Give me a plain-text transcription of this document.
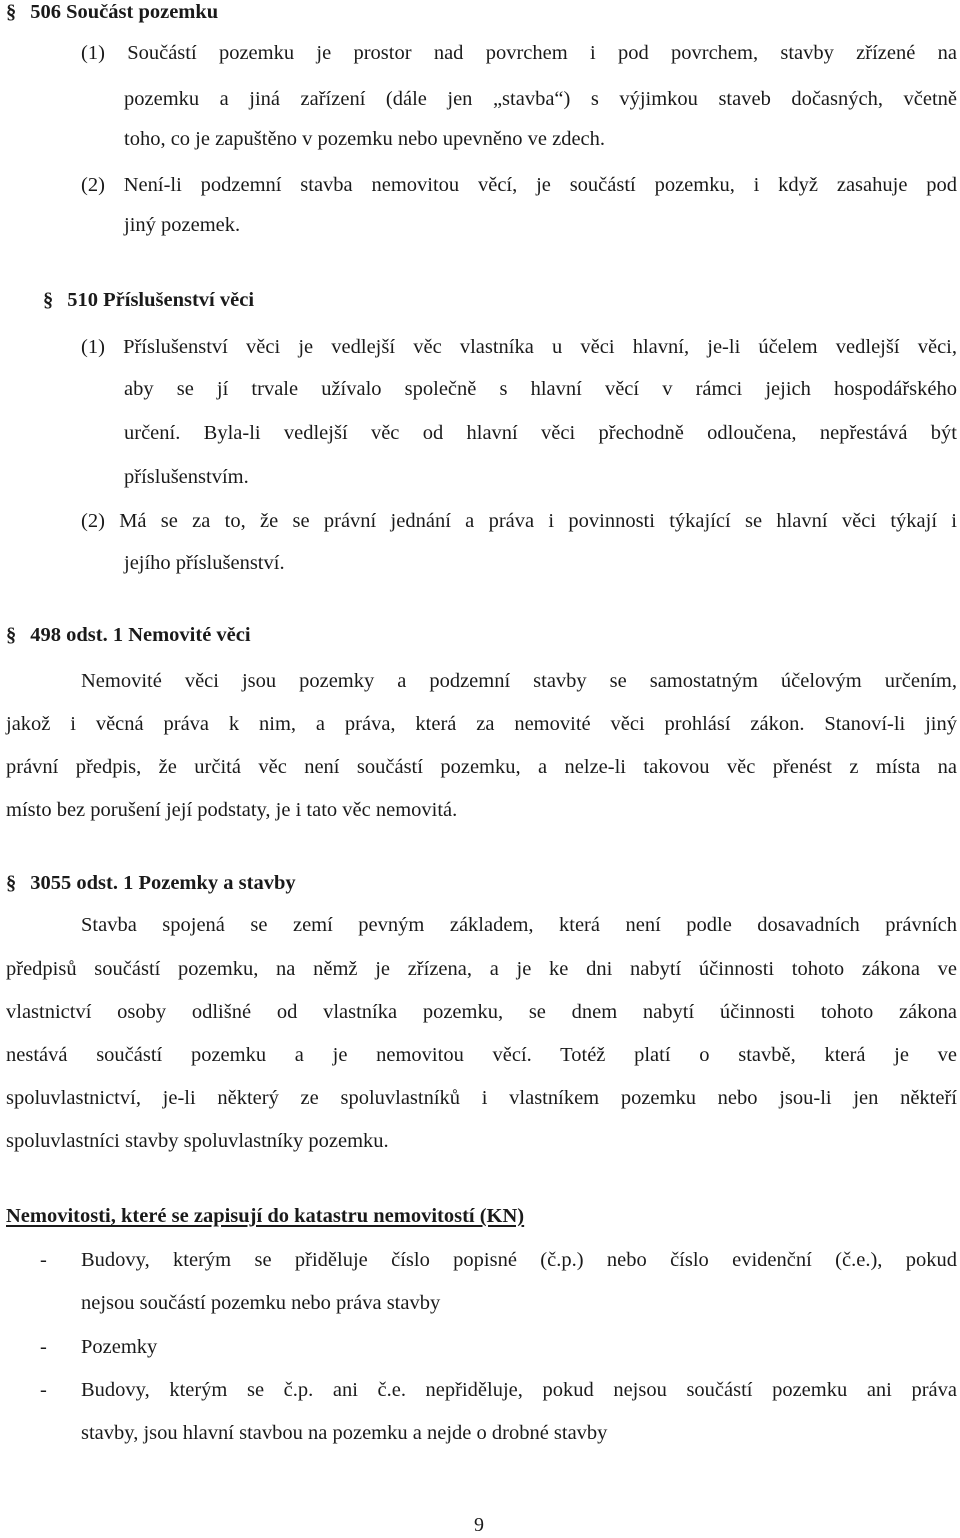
§ 506 Součást pozemku
(1) Součástí pozemku je prostor nad povrchem i pod povrchem, stavby zřízené na
pozemku a jiná zařízení (dále jen „stavba“) s výjimkou staveb dočasných, včetně
toho, co je zapuštěno v pozemku nebo upevněno ve zdech.
(2) Není-li podzemní stavba nemovitou věcí, je součástí pozemku, i když zasahuje pod
jiný pozemek.
§ 510 Příslušenství věci
(1) Příslušenství věci je vedlejší věc vlastníka u věci hlavní, je-li účelem vedlejší věci,
aby se jí trvale užívalo společně s hlavní věcí v rámci jejich hospodářského
určení. Byla-li vedlejší věc od hlavní věci přechodně odloučena, nepřestává být
příslušenstvím.
(2) Má se za to, že se právní jednání a práva i povinnosti týkající se hlavní věci týkají i
jejího příslušenství.
§ 498 odst. 1 Nemovité věci
Nemovité věci jsou pozemky a podzemní stavby se samostatným účelovým určením,
jakož i věcná práva k nim, a práva, která za nemovité věci prohlásí zákon. Stanoví-li jiný
právní předpis, že určitá věc není součástí pozemku, a nelze-li takovou věc přenést z místa na
místo bez porušení její podstaty, je i tato věc nemovitá.
§ 3055 odst. 1 Pozemky a stavby
Stavba spojená se zemí pevným základem, která není podle dosavadních právních
předpisů součástí pozemku, na němž je zřízena, a je ke dni nabytí účinnosti tohoto zákona ve
vlastnictví osoby odlišné od vlastníka pozemku, se dnem nabytí účinnosti tohoto zákona
nestává součástí pozemku a je nemovitou věcí. Totéž platí o stavbě, která je ve
spoluvlastnictví, je-li některý ze spoluvlastníků i vlastníkem pozemku nebo jsou-li jen někteří
spoluvlastníci stavby spoluvlastníky pozemku.
Nemovitosti, které se zapisují do katastru nemovitostí (KN)
- Budovy, kterým se přiděluje číslo popisné (č.p.) nebo číslo evidenční (č.e.), pokud
nejsou součástí pozemku nebo práva stavby
- Pozemky
- Budovy, kterým se č.p. ani č.e. nepřiděluje, pokud nejsou součástí pozemku ani práva
stavby, jsou hlavní stavbou na pozemku a nejde o drobné stavby
9
